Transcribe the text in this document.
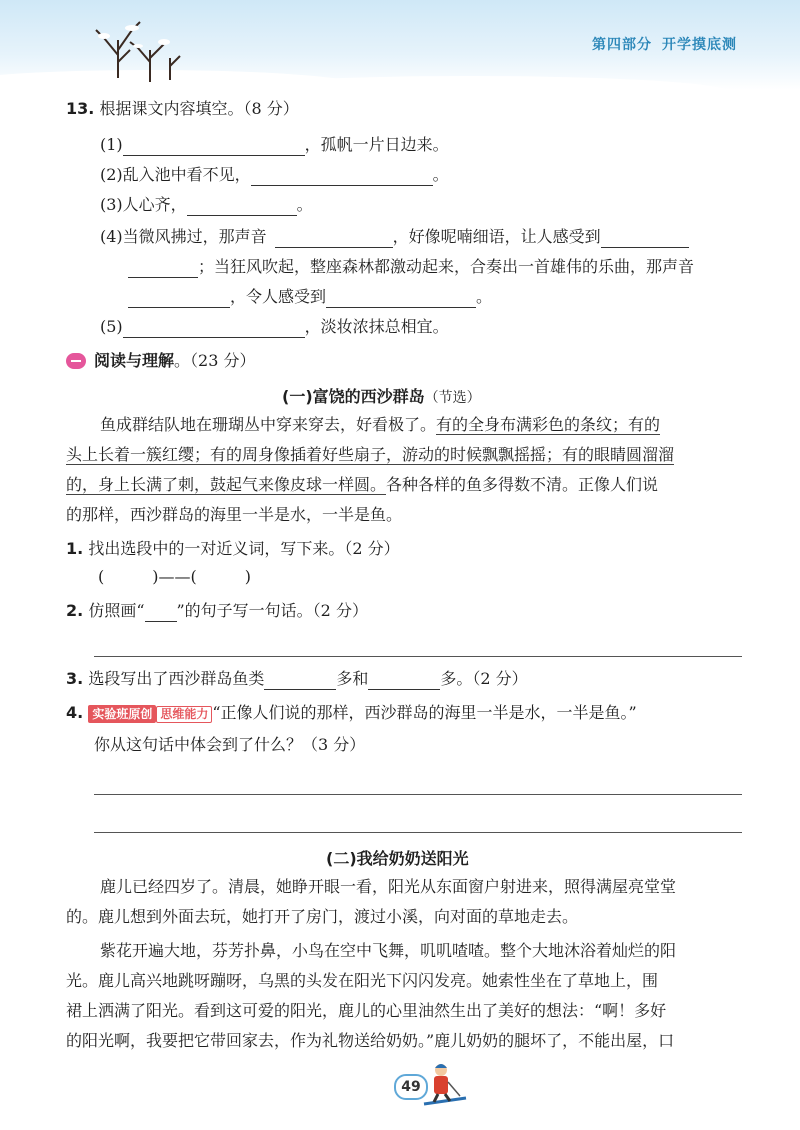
第四部分 开学摸底测
13. 根据课文内容填空。（8 分）
(1)	，孤帆一片日边来。
(2)乱入池中看不见，	。
(3)人心齐，	。
(4)当微风拂过，那声音	，好像呢喃细语，让人感受到
；当狂风吹起，整座森林都激动起来，合奏出一首雄伟的乐曲，那声音
，令人感受到	。
(5)	，淡妆浓抹总相宜。
阅读与理解。（23 分）
(一)富饶的西沙群岛（节选）
鱼成群结队地在珊瑚丛中穿来穿去，好看极了。有的全身布满彩色的条纹；有的
头上长着一簇红缨；有的周身像插着好些扇子，游动的时候飘飘摇摇；有的眼睛圆溜溜
的，身上长满了刺，鼓起气来像皮球一样圆。各种各样的鱼多得数不清。正像人们说
的那样，西沙群岛的海里一半是水，一半是鱼。
1. 找出选段中的一对近义词，写下来。（2 分）
(　　　)——(　　　)
2. 仿照画“ ”的句子写一句话。（2 分）
3. 选段写出了西沙群岛鱼类	多和	多。（2 分）
4. 实验班原创 思维能力 “正像人们说的那样，西沙群岛的海里一半是水，一半是鱼。”
你从这句话中体会到了什么？（3 分）
(二)我给奶奶送阳光
鹿儿已经四岁了。清晨，她睁开眼一看，阳光从东面窗户射进来，照得满屋亮堂堂
的。鹿儿想到外面去玩，她打开了房门，渡过小溪，向对面的草地走去。
紫花开遍大地，芬芳扑鼻，小鸟在空中飞舞，叽叽喳喳。整个大地沐浴着灿烂的阳
光。鹿儿高兴地跳呀蹦呀，乌黑的头发在阳光下闪闪发亮。她索性坐在了草地上，围
裙上洒满了阳光。看到这可爱的阳光，鹿儿的心里油然生出了美好的想法：“啊！多好
的阳光啊，我要把它带回家去，作为礼物送给奶奶。”鹿儿奶奶的腿坏了，不能出屋，口
49
